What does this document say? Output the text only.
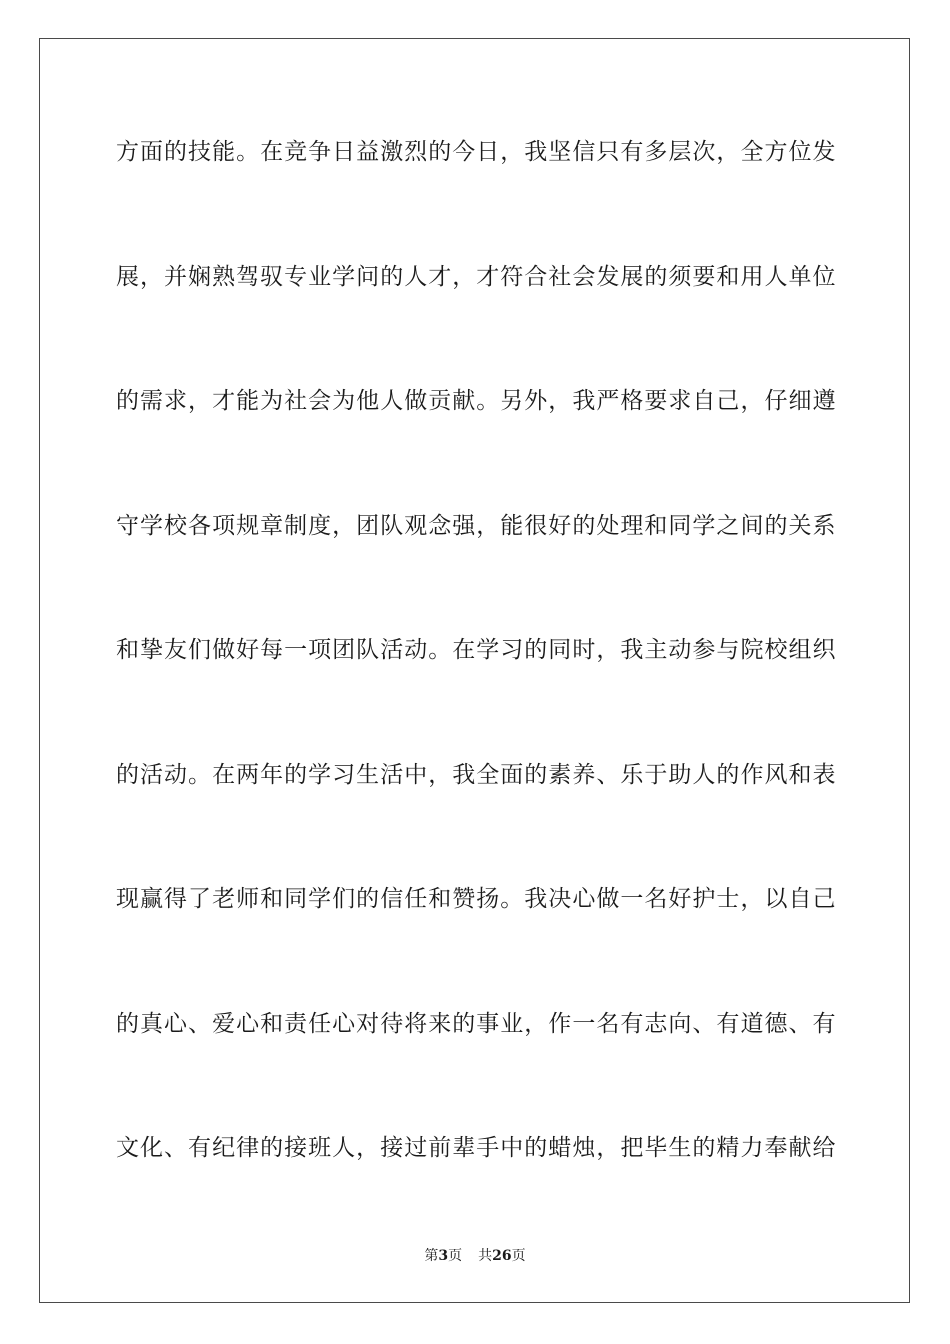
方面的技能。在竞争日益激烈的今日，我坚信只有多层次，全方位发
展，并娴熟驾驭专业学问的人才，才符合社会发展的须要和用人单位
的需求，才能为社会为他人做贡献。另外，我严格要求自己，仔细遵
守学校各项规章制度，团队观念强，能很好的处理和同学之间的关系
和挚友们做好每一项团队活动。在学习的同时，我主动参与院校组织
的活动。在两年的学习生活中，我全面的素养、乐于助人的作风和表
现赢得了老师和同学们的信任和赞扬。我决心做一名好护士，以自己
的真心、爱心和责任心对待将来的事业，作一名有志向、有道德、有
文化、有纪律的接班人，接过前辈手中的蜡烛，把毕生的精力奉献给
第3页 共26页
